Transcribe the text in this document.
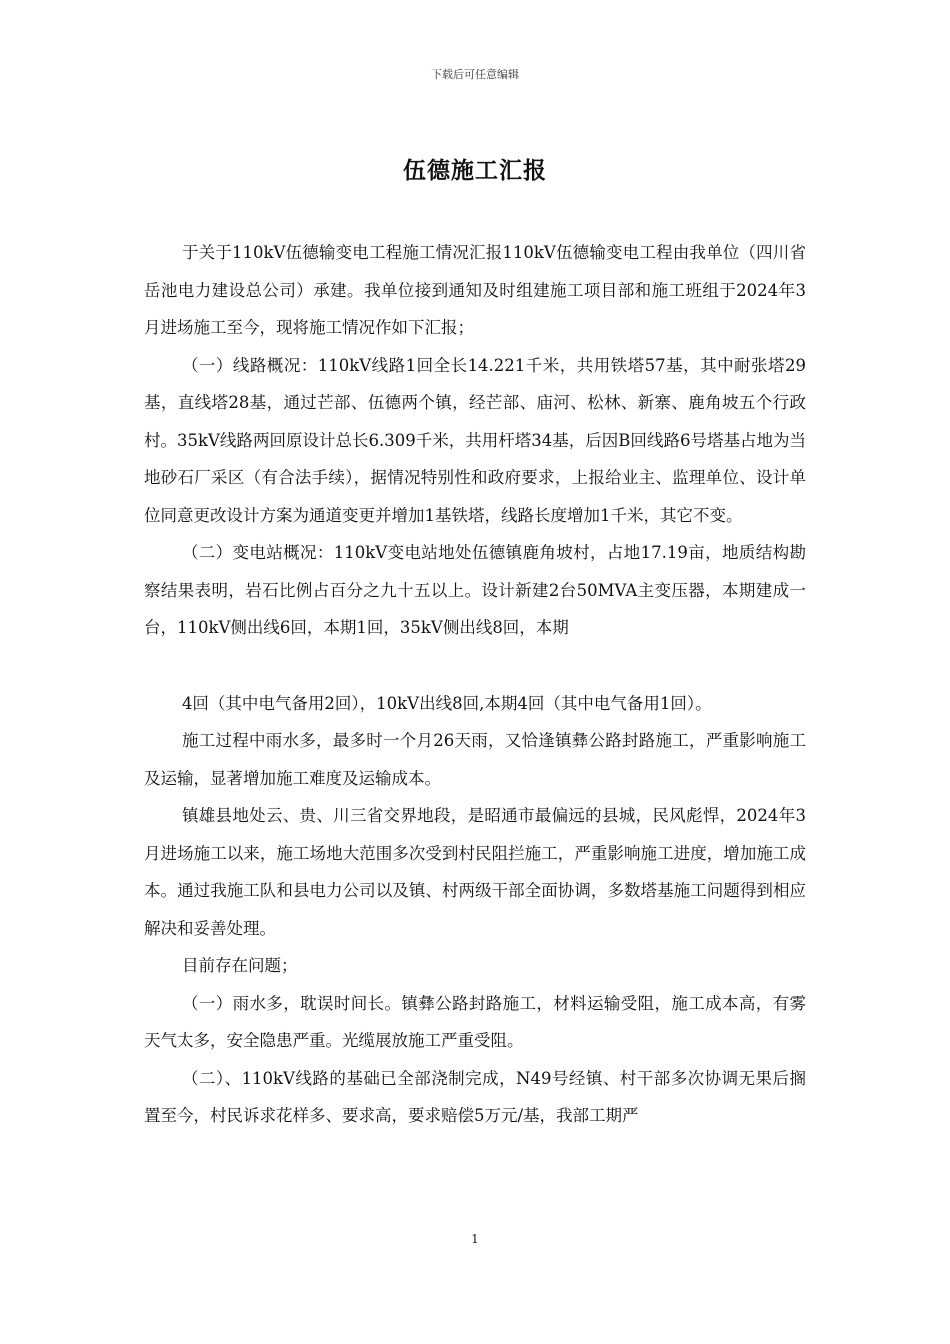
下载后可任意编辑
伍德施工汇报

于关于110kV伍德输变电工程施工情况汇报110kV伍德输变电工程由我单位（四川省岳池电力建设总公司）承建。我单位接到通知及时组建施工项目部和施工班组于2024年3月进场施工至今，现将施工情况作如下汇报；

（一）线路概况：110kV线路1回全长14.221千米，共用铁塔57基，其中耐张塔29基，直线塔28基，通过芒部、伍德两个镇，经芒部、庙河、松林、新寨、鹿角坡五个行政村。35kV线路两回原设计总长6.309千米，共用杆塔34基，后因B回线路6号塔基占地为当地砂石厂采区（有合法手续），据情况特别性和政府要求，上报给业主、监理单位、设计单位同意更改设计方案为通道变更并增加1基铁塔，线路长度增加1千米，其它不变。

（二）变电站概况：110kV变电站地处伍德镇鹿角坡村，占地17.19亩，地质结构勘察结果表明，岩石比例占百分之九十五以上。设计新建2台50MVA主变压器，本期建成一台，110kV侧出线6回，本期1回，35kV侧出线8回，本期

4回（其中电气备用2回），10kV出线8回,本期4回（其中电气备用1回）。

施工过程中雨水多，最多时一个月26天雨，又恰逢镇彝公路封路施工，严重影响施工及运输，显著增加施工难度及运输成本。

镇雄县地处云、贵、川三省交界地段，是昭通市最偏远的县城，民风彪悍，2024年3月进场施工以来，施工场地大范围多次受到村民阻拦施工，严重影响施工进度，增加施工成本。通过我施工队和县电力公司以及镇、村两级干部全面协调，多数塔基施工问题得到相应解决和妥善处理。

目前存在问题；

（一）雨水多，耽误时间长。镇彝公路封路施工，材料运输受阻，施工成本高，有雾天气太多，安全隐患严重。光缆展放施工严重受阻。

（二）、110kV线路的基础已全部浇制完成，N49号经镇、村干部多次协调无果后搁置至今，村民诉求花样多、要求高，要求赔偿5万元/基，我部工期严

1
